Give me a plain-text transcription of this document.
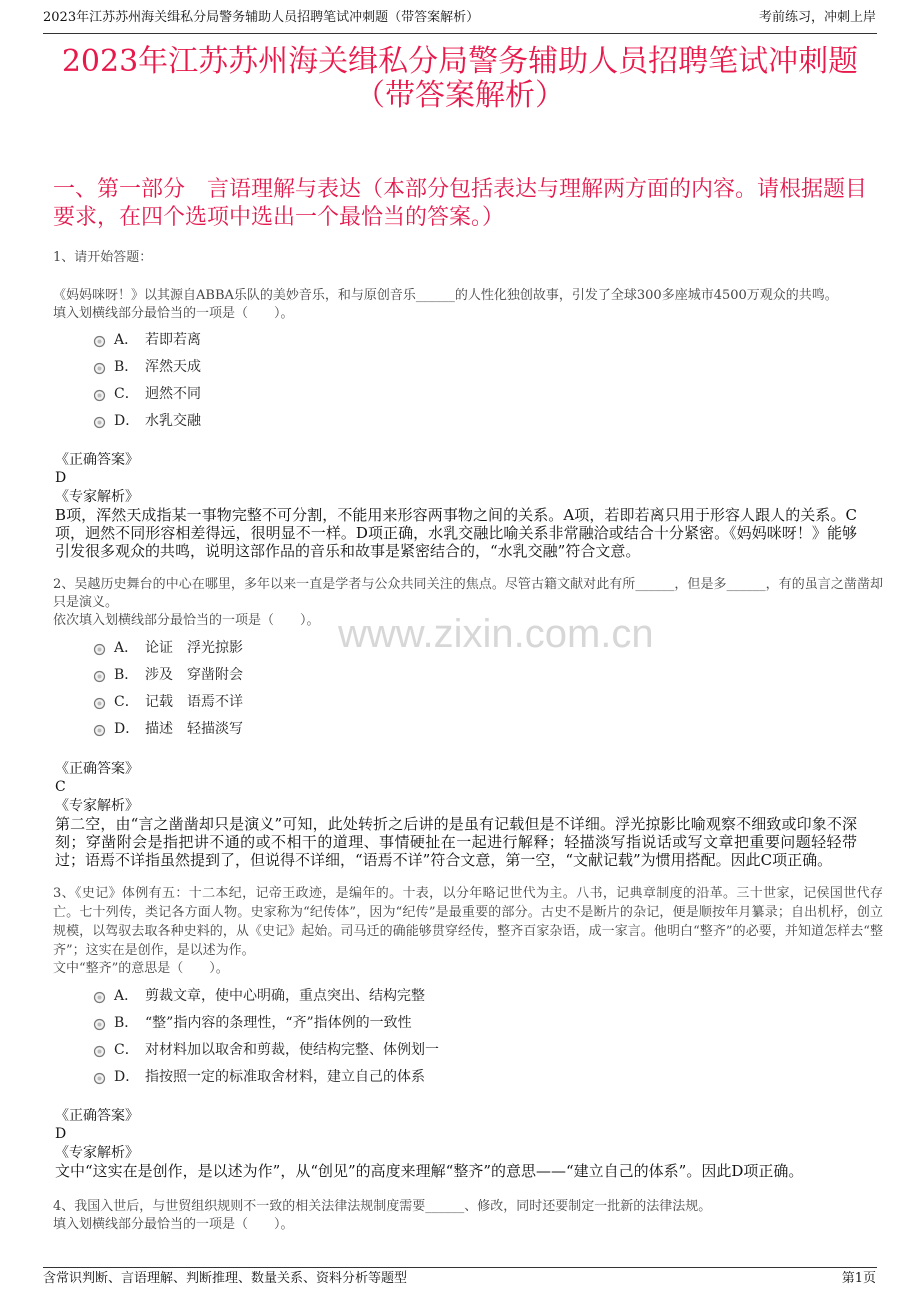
2023年江苏苏州海关缉私分局警务辅助人员招聘笔试冲刺题（带答案解析）	考前练习，冲刺上岸
2023年江苏苏州海关缉私分局警务辅助人员招聘笔试冲刺题
（带答案解析）
一、第一部分　言语理解与表达（本部分包括表达与理解两方面的内容。请根据题目要求，在四个选项中选出一个最恰当的答案。）
www.zixin.com.cn
1、请开始答题：
《妈妈咪呀！》以其源自ABBA乐队的美妙音乐，和与原创音乐______的人性化独创故事，引发了全球300多座城市4500万观众的共鸣。
填入划横线部分最恰当的一项是（　　）。
A． 若即若离
B． 浑然天成
C． 迥然不同
D． 水乳交融
《正确答案》
D
《专家解析》
B项，浑然天成指某一事物完整不可分割，不能用来形容两事物之间的关系。A项，若即若离只用于形容人跟人的关系。C项，迥然不同形容相差得远，很明显不一样。D项正确，水乳交融比喻关系非常融洽或结合十分紧密。《妈妈咪呀！》能够引发很多观众的共鸣，说明这部作品的音乐和故事是紧密结合的，“水乳交融”符合文意。
2、吴越历史舞台的中心在哪里，多年以来一直是学者与公众共同关注的焦点。尽管古籍文献对此有所______，但是多______，有的虽言之凿凿却只是演义。
依次填入划横线部分最恰当的一项是（　　）。
A． 论证　浮光掠影
B． 涉及　穿凿附会
C． 记载　语焉不详
D． 描述　轻描淡写
《正确答案》
C
《专家解析》
第二空，由“言之凿凿却只是演义”可知，此处转折之后讲的是虽有记载但是不详细。浮光掠影比喻观察不细致或印象不深刻；穿凿附会是指把讲不通的或不相干的道理、事情硬扯在一起进行解释；轻描淡写指说话或写文章把重要问题轻轻带过；语焉不详指虽然提到了，但说得不详细，“语焉不详”符合文意，第一空，“文献记载”为惯用搭配。因此C项正确。
3、《史记》体例有五：十二本纪，记帝王政迹，是编年的。十表，以分年略记世代为主。八书，记典章制度的沿革。三十世家，记侯国世代存亡。七十列传，类记各方面人物。史家称为“纪传体”，因为“纪传”是最重要的部分。古史不是断片的杂记，便是顺按年月纂录；自出机杼，创立规模，以驾驭去取各种史料的，从《史记》起始。司马迁的确能够贯穿经传，整齐百家杂语，成一家言。他明白“整齐”的必要，并知道怎样去“整齐”；这实在是创作，是以述为作。
文中“整齐”的意思是（　　）。
A． 剪裁文章，使中心明确，重点突出、结构完整
B． “整”指内容的条理性，“齐”指体例的一致性
C． 对材料加以取舍和剪裁，使结构完整、体例划一
D． 指按照一定的标准取舍材料，建立自己的体系
《正确答案》
D
《专家解析》
文中“这实在是创作，是以述为作”，从“创见”的高度来理解“整齐”的意思——“建立自己的体系”。因此D项正确。
4、我国入世后，与世贸组织规则不一致的相关法律法规制度需要______、修改，同时还要制定一批新的法律法规。
填入划横线部分最恰当的一项是（　　）。
含常识判断、言语理解、判断推理、数量关系、资料分析等题型	第1页
